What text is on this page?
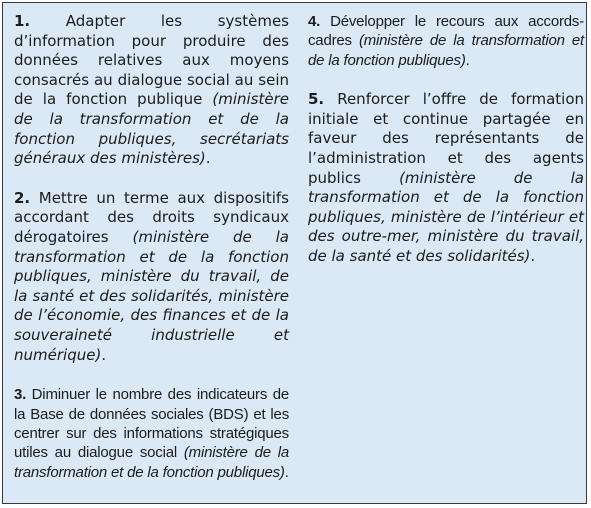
1. Adapter les systèmes d’information pour produire des données relatives aux moyens consacrés au dialogue social au sein de la fonction publique (ministère de la transformation et de la fonction publiques, secrétariats généraux des ministères).

2. Mettre un terme aux dispositifs accordant des droits syndicaux dérogatoires (ministère de la transformation et de la fonction publiques, ministère du travail, de la santé et des solidarités, ministère de l’économie, des finances et de la souveraineté industrielle et numérique).

3. Diminuer le nombre des indicateurs de la Base de données sociales (BDS) et les centrer sur des informations stratégiques utiles au dialogue social (ministère de la transformation et de la fonction publiques).

4. Développer le recours aux accords-cadres (ministère de la transformation et de la fonction publiques).

5. Renforcer l’offre de formation initiale et continue partagée en faveur des représentants de l’administration et des agents publics (ministère de la transformation et de la fonction publiques, ministère de l’intérieur et des outre-mer, ministère du travail, de la santé et des solidarités).
